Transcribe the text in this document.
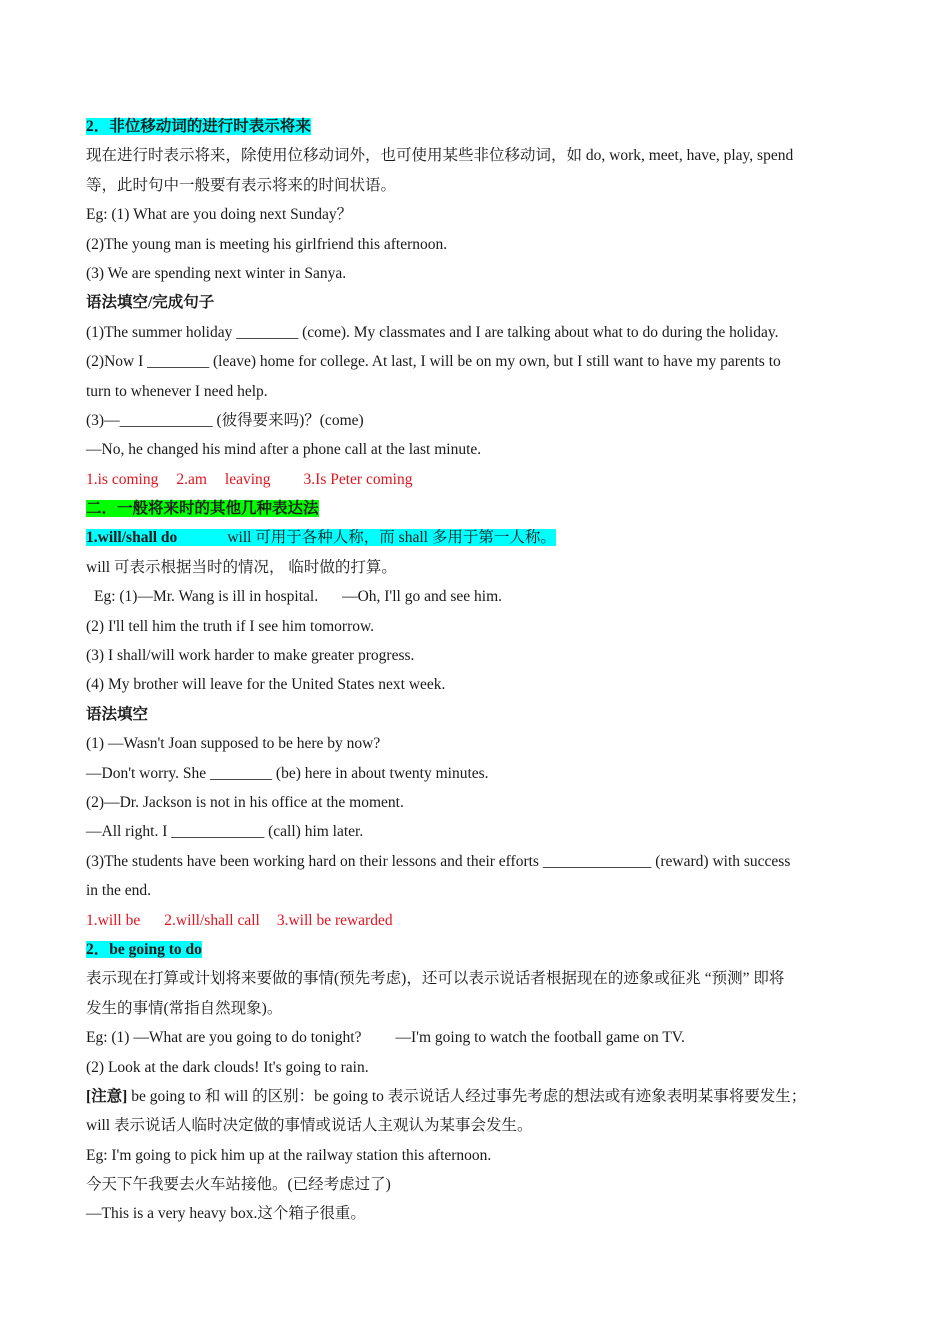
2．非位移动词的进行时表示将来
现在进行时表示将来，除使用位移动词外，也可使用某些非位移动词，如 do, work, meet, have, play, spend
等，此时句中一般要有表示将来的时间状语。
Eg: (1) What are you doing next Sunday？
(2)The young man is meeting his girlfriend this afternoon.
(3) We are spending next winter in Sanya.
语法填空/完成句子
(1)The summer holiday ________ (come). My classmates and I are talking about what to do during the holiday.
(2)Now I ________ (leave) home for college. At last, I will be on my own, but I still want to have my parents to
turn to whenever I need help.
(3)—____________ (彼得要来吗)？(come)
—No, he changed his mind after a phone call at the last minute.
1.is coming 2.am leaving 3.Is Peter coming
二．一般将来时的其他几种表达法
1.will/shall do	will 可用于各种人称，而 shall 多用于第一人称。
will 可表示根据当时的情况， 临时做的打算。
Eg: (1)—Mr. Wang is ill in hospital. —Oh, I'll go and see him.
(2) I'll tell him the truth if I see him tomorrow.
(3) I shall/will work harder to make greater progress.
(4) My brother will leave for the United States next week.
语法填空
(1) —Wasn't Joan supposed to be here by now?
—Don't worry. She ________ (be) here in about twenty minutes.
(2)—Dr. Jackson is not in his office at the moment.
—All right. I ____________ (call) him later.
(3)The students have been working hard on their lessons and their efforts ______________ (reward) with success
in the end.
1.will be 2.will/shall call 3.will be rewarded
2．be going to do
表示现在打算或计划将来要做的事情(预先考虑)，还可以表示说话者根据现在的迹象或征兆 “预测” 即将
发生的事情(常指自然现象)。
Eg: (1) —What are you going to do tonight? —I'm going to watch the football game on TV.
(2) Look at the dark clouds! It's going to rain.
[注意] be going to 和 will 的区别：be going to 表示说话人经过事先考虑的想法或有迹象表明某事将要发生；
will 表示说话人临时决定做的事情或说话人主观认为某事会发生。
Eg: I'm going to pick him up at the railway station this afternoon.
今天下午我要去火车站接他。(已经考虑过了)
—This is a very heavy box.这个箱子很重。
